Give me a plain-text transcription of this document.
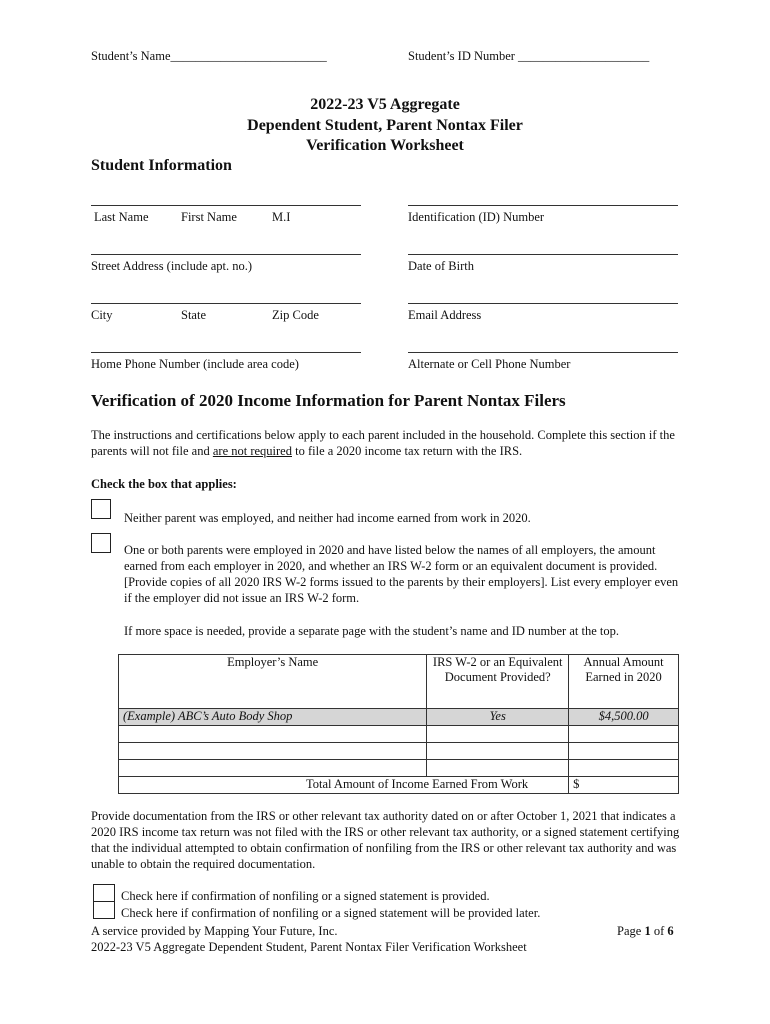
Student’s Name_________________________	Student’s ID Number _____________________
2022-23 V5 Aggregate
Dependent Student, Parent Nontax Filer
Verification Worksheet
Student Information
Last Name	First Name	M.I	Identification (ID) Number
Street Address (include apt. no.)	Date of Birth
City	State	Zip Code	Email Address
Home Phone Number (include area code)	Alternate or Cell Phone Number
Verification of 2020 Income Information for Parent Nontax Filers
The instructions and certifications below apply to each parent included in the household. Complete this section if the parents will not file and are not required to file a 2020 income tax return with the IRS.
Check the box that applies:
Neither parent was employed, and neither had income earned from work in 2020.
One or both parents were employed in 2020 and have listed below the names of all employers, the amount earned from each employer in 2020, and whether an IRS W-2 form or an equivalent document is provided. [Provide copies of all 2020 IRS W-2 forms issued to the parents by their employers]. List every employer even if the employer did not issue an IRS W-2 form.
If more space is needed, provide a separate page with the student’s name and ID number at the top.
Employer’s Name	IRS W-2 or an Equivalent Document Provided?	Annual Amount Earned in 2020
(Example) ABC’s Auto Body Shop	Yes	$4,500.00

Total Amount of Income Earned From Work		$
Provide documentation from the IRS or other relevant tax authority dated on or after October 1, 2021 that indicates a 2020 IRS income tax return was not filed with the IRS or other relevant tax authority, or a signed statement certifying that the individual attempted to obtain confirmation of nonfiling from the IRS or other relevant tax authority and was unable to obtain the required documentation.
Check here if confirmation of nonfiling or a signed statement is provided.
Check here if confirmation of nonfiling or a signed statement will be provided later.
A service provided by Mapping Your Future, Inc.	Page 1 of 6
2022-23 V5 Aggregate Dependent Student, Parent Nontax Filer Verification Worksheet
